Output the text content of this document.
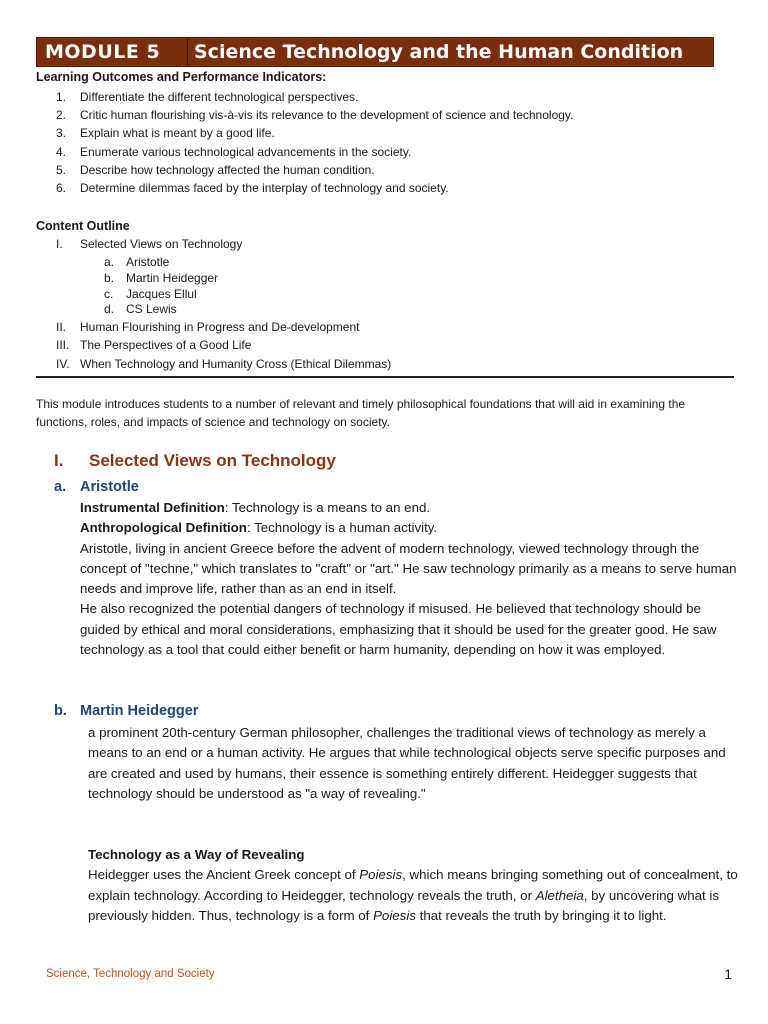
MODULE 5	Science Technology and the Human Condition
Learning Outcomes and Performance Indicators:
1.	Differentiate the different technological perspectives.
2.	Critic human flourishing vis-à-vis its relevance to the development of science and technology.
3.	Explain what is meant by a good life.
4.	Enumerate various technological advancements in the society.
5.	Describe how technology affected the human condition.
6.	Determine dilemmas faced by the interplay of technology and society.
Content Outline
I.	Selected Views on Technology
a. Aristotle
b. Martin Heidegger
c.	Jacques Ellul
d. CS Lewis
II.	Human Flourishing in Progress and De-development
III. The Perspectives of a Good Life
IV. When Technology and Humanity Cross (Ethical Dilemmas)

This module introduces students to a number of relevant and timely philosophical foundations that will aid in examining the functions, roles, and impacts of science and technology on society.

I.	Selected Views on Technology
a. Aristotle
Instrumental Definition: Technology is a means to an end.
Anthropological Definition: Technology is a human activity.

Aristotle, living in ancient Greece before the advent of modern technology, viewed technology through the concept of "techne," which translates to "craft" or "art." He saw technology primarily as a means to serve human needs and improve life, rather than as an end in itself.

He also recognized the potential dangers of technology if misused. He believed that technology should be guided by ethical and moral considerations, emphasizing that it should be used for the greater good. He saw technology as a tool that could either benefit or harm humanity, depending on how it was employed.

b. Martin Heidegger

a prominent 20th-century German philosopher, challenges the traditional views of technology as merely a means to an end or a human activity. He argues that while technological objects serve specific purposes and are created and used by humans, their essence is something entirely different. Heidegger suggests that technology should be understood as "a way of revealing."

Technology as a Way of Revealing

Heidegger uses the Ancient Greek concept of Poiesis, which means bringing something out of concealment, to explain technology. According to Heidegger, technology reveals the truth, or Aletheia, by uncovering what is previously hidden. Thus, technology is a form of Poiesis that reveals the truth by bringing it to light.

Science, Technology and Society	1
